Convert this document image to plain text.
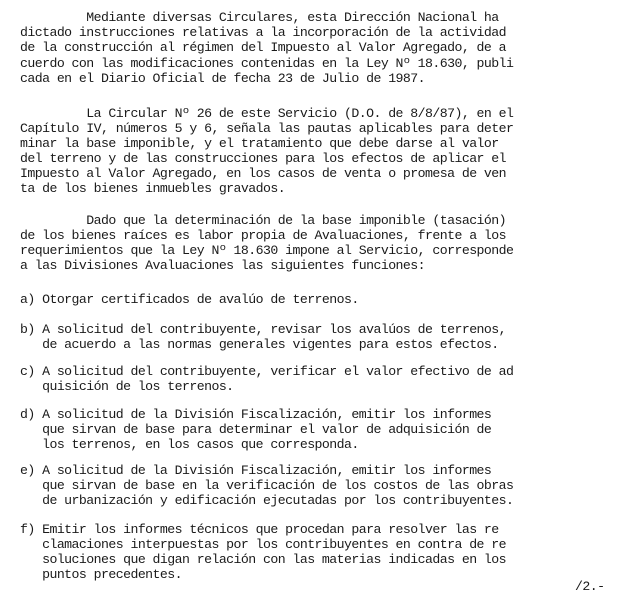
Mediante diversas Circulares, esta Dirección Nacional ha
dictado instrucciones relativas a la incorporación de la actividad
de la construcción al régimen del Impuesto al Valor Agregado, de a
cuerdo con las modificaciones contenidas en la Ley Nº 18.630, publi
cada en el Diario Oficial de fecha 23 de Julio de 1987.
La Circular Nº 26 de este Servicio (D.O. de 8/8/87), en el
Capítulo IV, números 5 y 6, señala las pautas aplicables para deter
minar la base imponible, y el tratamiento que debe darse al valor
del terreno y de las construcciones para los efectos de aplicar el
Impuesto al Valor Agregado, en los casos de venta o promesa de ven
ta de los bienes inmuebles gravados.
Dado que la determinación de la base imponible (tasación)
de los bienes raíces es labor propia de Avaluaciones, frente a los
requerimientos que la Ley Nº 18.630 impone al Servicio, corresponde
a las Divisiones Avaluaciones las siguientes funciones:
a) Otorgar certificados de avalúo de terrenos.
b) A solicitud del contribuyente, revisar los avalúos de terrenos,
de acuerdo a las normas generales vigentes para estos efectos.
c) A solicitud del contribuyente, verificar el valor efectivo de ad
quisición de los terrenos.
d) A solicitud de la División Fiscalización, emitir los informes
que sirvan de base para determinar el valor de adquisición de
los terrenos, en los casos que corresponda.
e) A solicitud de la División Fiscalización, emitir los informes
que sirvan de base en la verificación de los costos de las obras
de urbanización y edificación ejecutadas por los contribuyentes.
f) Emitir los informes técnicos que procedan para resolver las re
clamaciones interpuestas por los contribuyentes en contra de re
soluciones que digan relación con las materias indicadas en los
puntos precedentes.
/2.-
